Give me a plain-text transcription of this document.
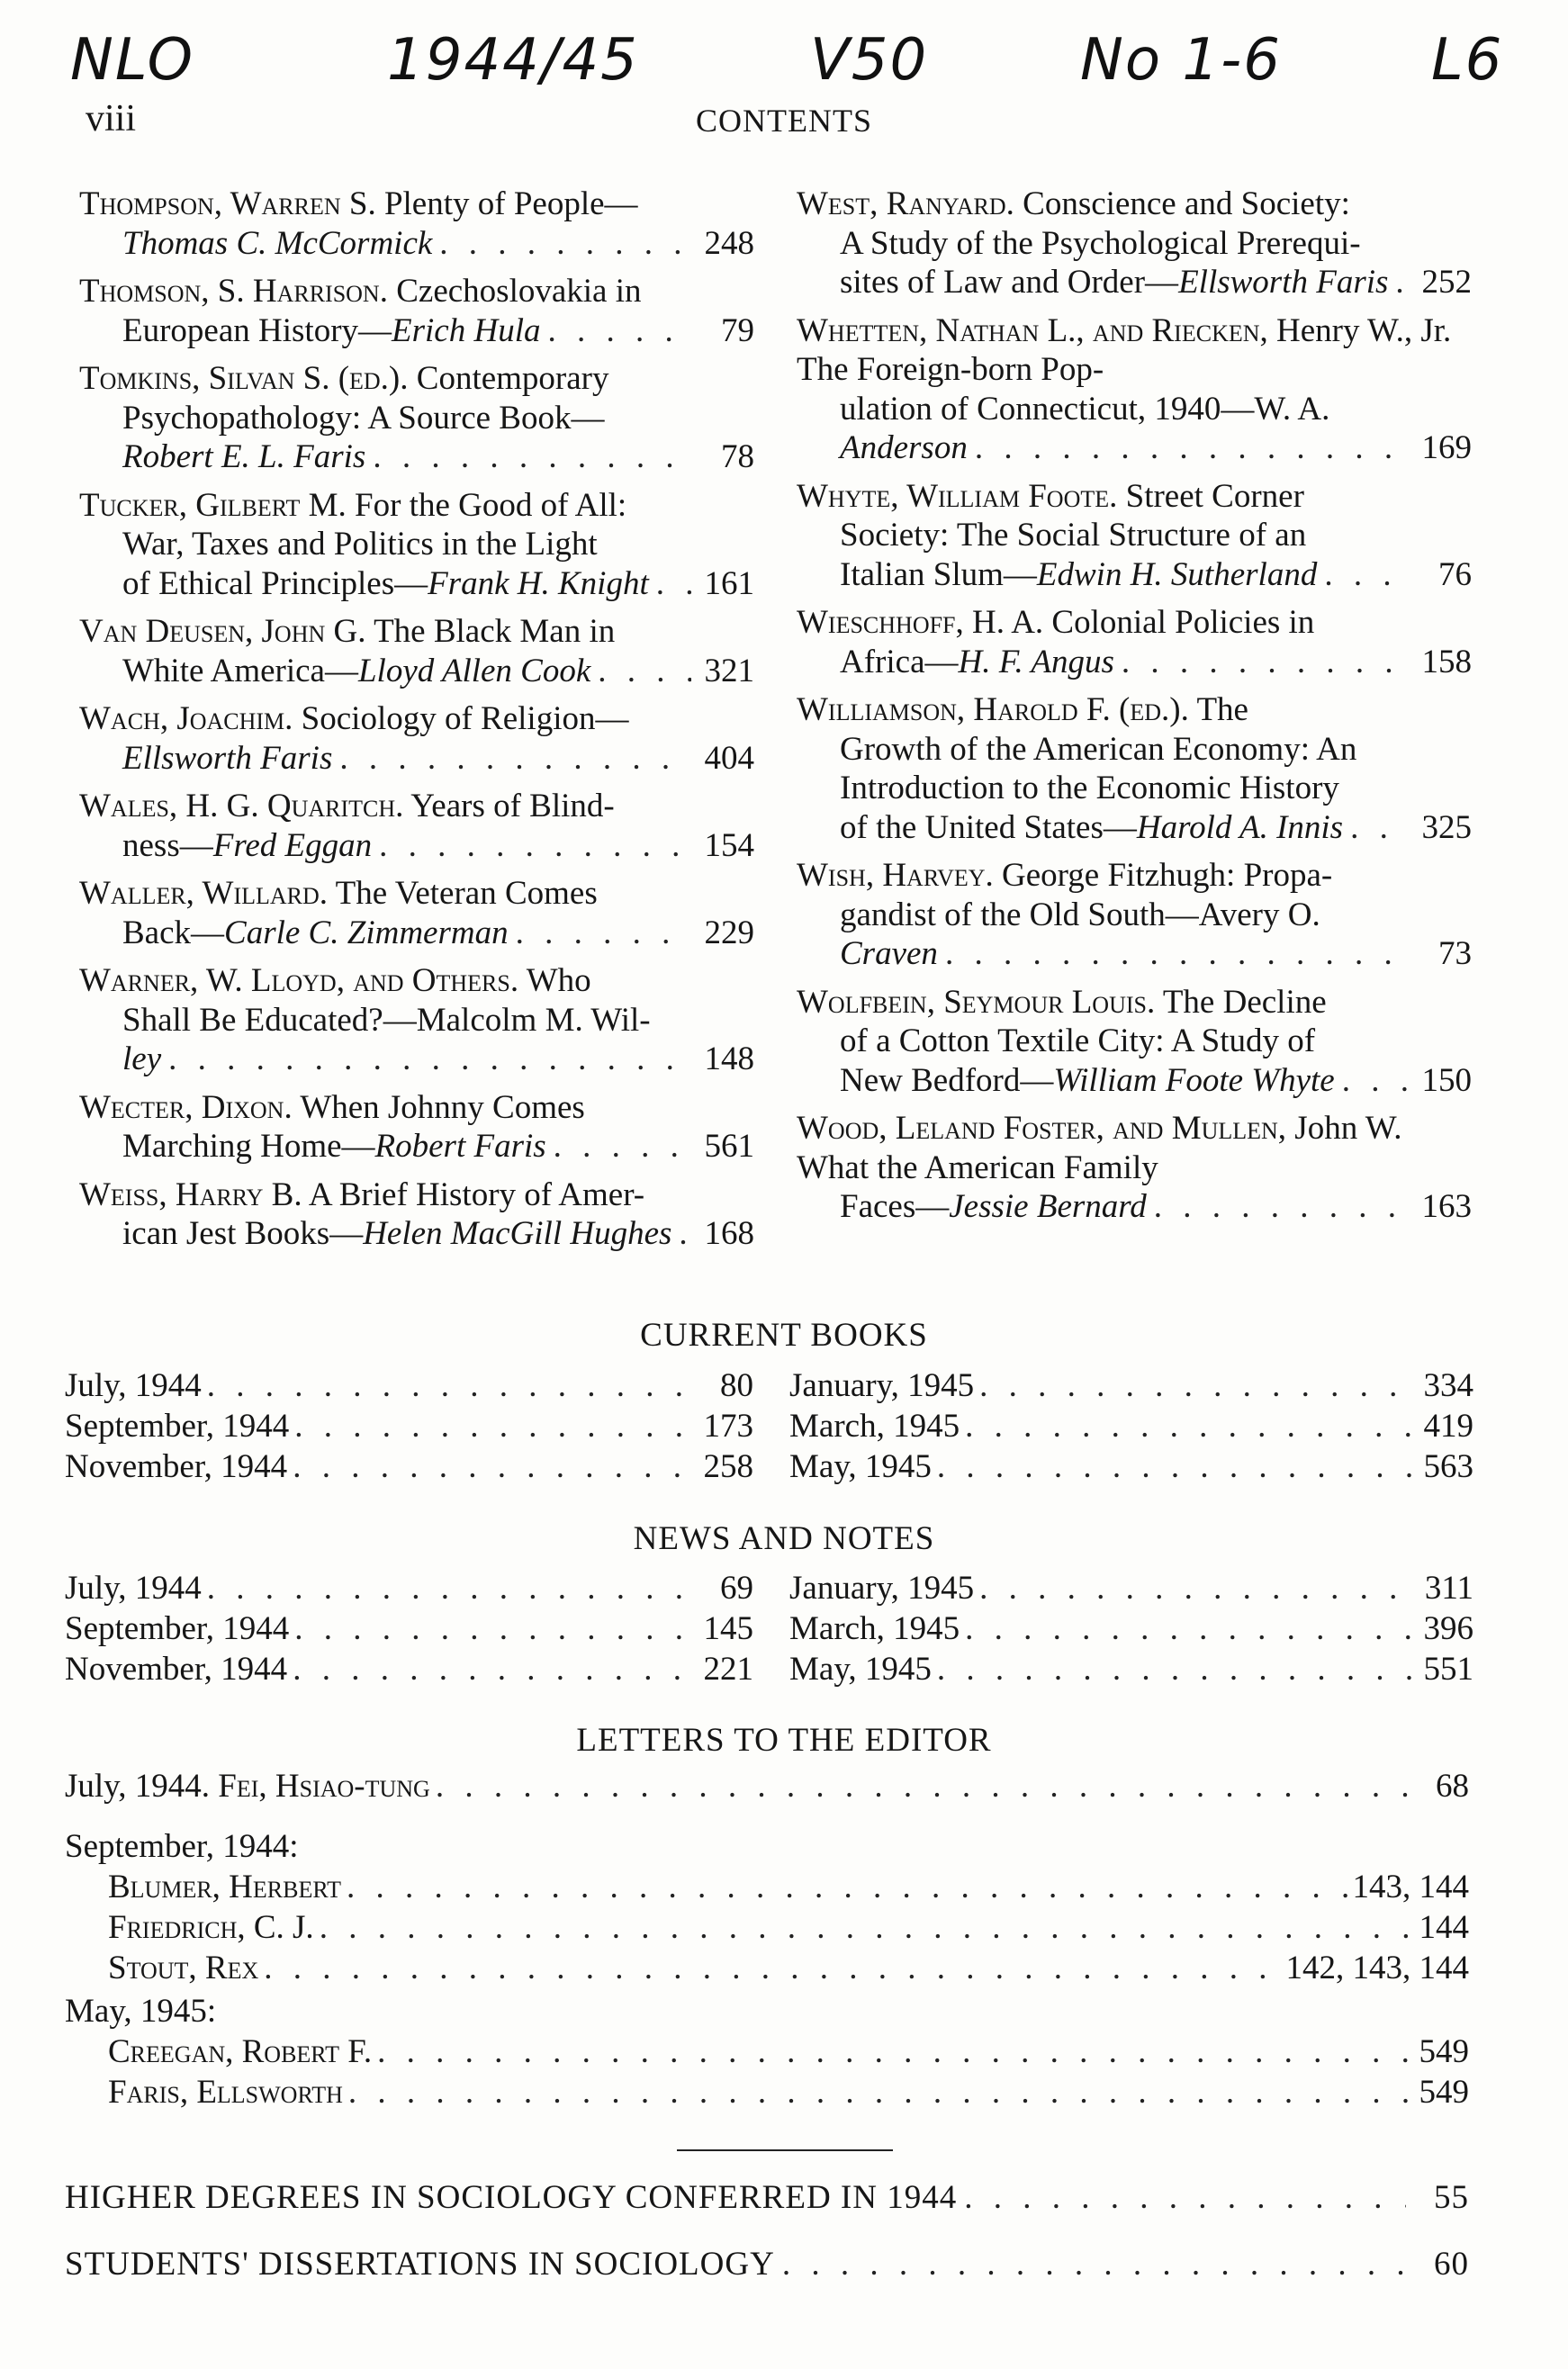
NLO	1944/45	V50	No 1-6	L6
viii	CONTENTS
Thompson, Warren S. Plenty of People—
Thomas C. McCormick . . .	248
Thomson, S. Harrison. Czechoslovakia in
European History—Erich Hula . . .	79
Tomkins, Silvan S. (ed.). Contemporary
Psychopathology: A Source Book—
Robert E. L. Faris . . .	78
Tucker, Gilbert M. For the Good of All:
War, Taxes and Politics in the Light
of Ethical Principles—Frank H. Knight . . . 161
Van Deusen, John G. The Black Man in
White America—Lloyd Allen Cook . . .	321
Wach, Joachim. Sociology of Religion—
Ellsworth Faris . . .	404
Wales, H. G. Quaritch. Years of Blind-
ness—Fred Eggan . . .	154
Waller, Willard. The Veteran Comes
Back—Carle C. Zimmerman . . .	229
Warner, W. Lloyd, and Others. Who
Shall Be Educated?—Malcolm M. Wil-
ley . . .	148
Wecter, Dixon. When Johnny Comes
Marching Home—Robert Faris . . .	561
Weiss, Harry B. A Brief History of Amer-
ican Jest Books—Helen MacGill Hughes . . . 168
West, Ranyard. Conscience and Society:
A Study of the Psychological Prerequi-
sites of Law and Order—Ellsworth Faris . . . 252
Whetten, Nathan L., and Riecken, Henry W., Jr. The Foreign-born Pop-
ulation of Connecticut, 1940—W. A.
Anderson . . .	169
Whyte, William Foote. Street Corner
Society: The Social Structure of an
Italian Slum—Edwin H. Sutherland . . .	76
Wieschhoff, H. A. Colonial Policies in
Africa—H. F. Angus . . .	158
Williamson, Harold F. (ed.). The
Growth of the American Economy: An
Introduction to the Economic History
of the United States—Harold A. Innis . . . 325
Wish, Harvey. George Fitzhugh: Propa-
gandist of the Old South—Avery O.
Craven . . .	73
Wolfbein, Seymour Louis. The Decline
of a Cotton Textile City: A Study of
New Bedford—William Foote Whyte . . .	150
Wood, Leland Foster, and Mullen, John W. What the American Family
Faces—Jessie Bernard . . .	163
CURRENT BOOKS
July, 1944 . . .	80
September, 1944 . . .	173
November, 1944 . . .	258
January, 1945 . . .	334
March, 1945 . . .	419
May, 1945 . . .	563
NEWS AND NOTES
July, 1944 . . .	69
September, 1944 . . .	145
November, 1944 . . .	221
January, 1945 . . .	311
March, 1945 . . .	396
May, 1945 . . .	551
LETTERS TO THE EDITOR
July, 1944.
Fei, Hsiao-tung . . .	68
September, 1944:
Blumer, Herbert . . .	143, 144
Friedrich, C. J. . . .	144
Stout, Rex . . .	142, 143, 144
May, 1945:
Creegan, Robert F. . . .	549
Faris, Ellsworth . . .	549
HIGHER DEGREES IN SOCIOLOGY CONFERRED IN 1944 . . .	55
STUDENTS' DISSERTATIONS IN SOCIOLOGY . . .	60
